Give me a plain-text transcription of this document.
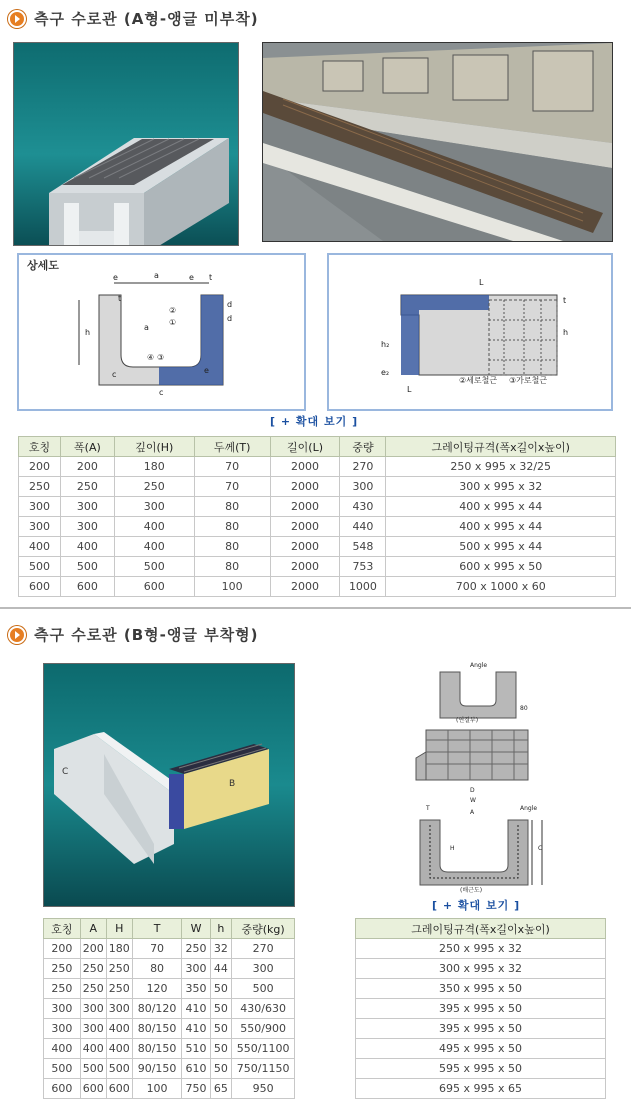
측구 수로관 (A형-앵글 미부착)
상세도
e	a	e t
t
d
d
h
a
e
c
c
②
①
④ ③
L
t
h
h₂
e₂
L
②세로철근 ③가로철근
[ + 확대 보기 ]
호칭	폭(A)	깊이(H)	두께(T)	길이(L)	중량	그레이팅규격(폭x길이x높이)
200	200	180	70	2000	270	250 x 995 x 32/25
250	250	250	70	2000	300	300 x 995 x 32
300	300	300	80	2000	430	400 x 995 x 44
300	300	400	80	2000	440	400 x 995 x 44
400	400	400	80	2000	548	500 x 995 x 44
500	500	500	80	2000	753	600 x 995 x 50
600	600	600	100	2000	1000	700 x 1000 x 60
측구 수로관 (B형-앵글 부착형)
C
B
Angle
80
(연결부)
D
W
T
A
Angle
H	C
(배근도)
[ + 확대 보기 ]
호칭	A	H	T	W	h	중량(kg)
200	200	180	70	250	32	270
250	250	250	80	300	44	300
250	250	250	120	350	50	500
300	300	300	80/120	410	50	430/630
300	300	400	80/150	410	50	550/900
400	400	400	80/150	510	50	550/1100
500	500	500	90/150	610	50	750/1150
600	600	600	100	750	65	950
그레이팅규격(폭x길이x높이)
250 x 995 x 32
300 x 995 x 32
350 x 995 x 50
395 x 995 x 50
395 x 995 x 50
495 x 995 x 50
595 x 995 x 50
695 x 995 x 65
